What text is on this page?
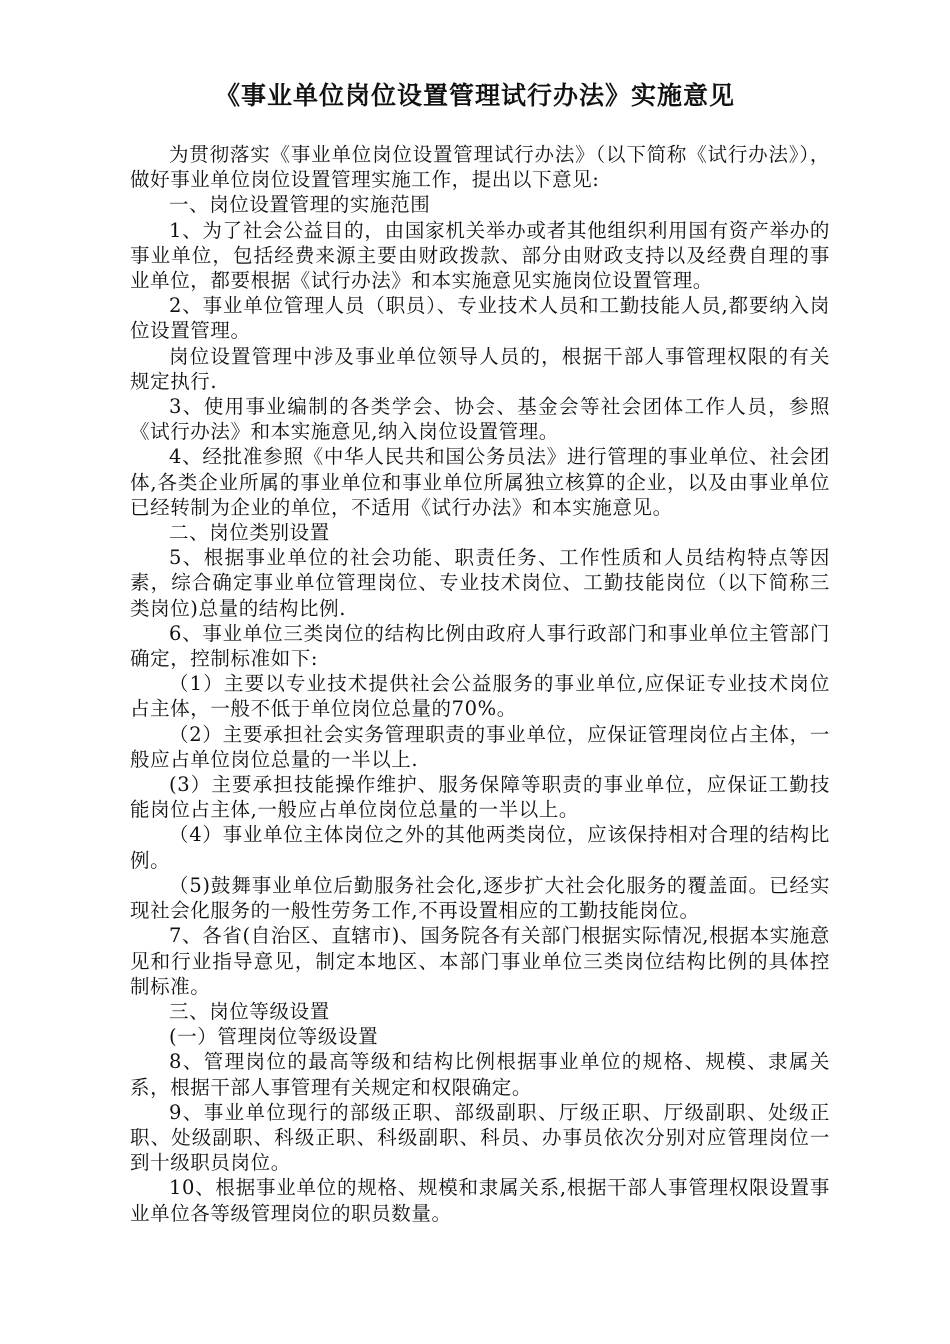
《事业单位岗位设置管理试行办法》实施意见

为贯彻落实《事业单位岗位设置管理试行办法》（以下简称《试行办法》），做好事业单位岗位设置管理实施工作，提出以下意见:

一、岗位设置管理的实施范围

1、为了社会公益目的，由国家机关举办或者其他组织利用国有资产举办的事业单位，包括经费来源主要由财政拨款、部分由财政支持以及经费自理的事业单位，都要根据《试行办法》和本实施意见实施岗位设置管理。

2、事业单位管理人员（职员）、专业技术人员和工勤技能人员,都要纳入岗位设置管理。

岗位设置管理中涉及事业单位领导人员的，根据干部人事管理权限的有关规定执行.

3、使用事业编制的各类学会、协会、基金会等社会团体工作人员，参照《试行办法》和本实施意见,纳入岗位设置管理。

4、经批准参照《中华人民共和国公务员法》进行管理的事业单位、社会团体,各类企业所属的事业单位和事业单位所属独立核算的企业，以及由事业单位已经转制为企业的单位，不适用《试行办法》和本实施意见。

二、岗位类别设置

5、根据事业单位的社会功能、职责任务、工作性质和人员结构特点等因素，综合确定事业单位管理岗位、专业技术岗位、工勤技能岗位（以下简称三类岗位)总量的结构比例.

6、事业单位三类岗位的结构比例由政府人事行政部门和事业单位主管部门确定，控制标准如下:

（1）主要以专业技术提供社会公益服务的事业单位,应保证专业技术岗位占主体，一般不低于单位岗位总量的70%。

（2）主要承担社会实务管理职责的事业单位，应保证管理岗位占主体，一般应占单位岗位总量的一半以上.

(3）主要承担技能操作维护、服务保障等职责的事业单位，应保证工勤技能岗位占主体,一般应占单位岗位总量的一半以上。

（4）事业单位主体岗位之外的其他两类岗位，应该保持相对合理的结构比例。

（5)鼓舞事业单位后勤服务社会化,逐步扩大社会化服务的覆盖面。已经实现社会化服务的一般性劳务工作,不再设置相应的工勤技能岗位。

7、各省(自治区、直辖市)、国务院各有关部门根据实际情况,根据本实施意见和行业指导意见，制定本地区、本部门事业单位三类岗位结构比例的具体控制标准。

三、岗位等级设置

(一）管理岗位等级设置

8、管理岗位的最高等级和结构比例根据事业单位的规格、规模、隶属关系，根据干部人事管理有关规定和权限确定。

9、事业单位现行的部级正职、部级副职、厅级正职、厅级副职、处级正职、处级副职、科级正职、科级副职、科员、办事员依次分别对应管理岗位一到十级职员岗位。

10、根据事业单位的规格、规模和隶属关系,根据干部人事管理权限设置事业单位各等级管理岗位的职员数量。
